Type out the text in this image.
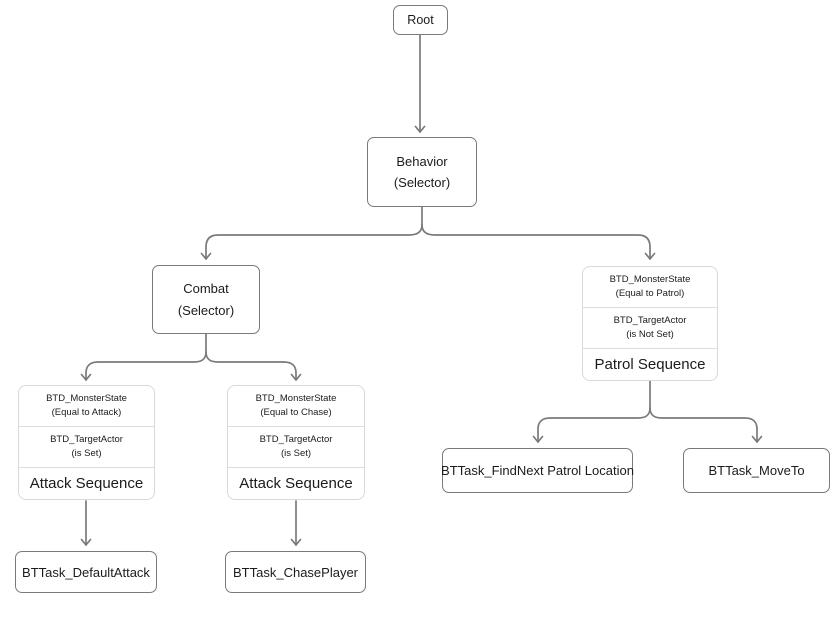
Root
Behavior
(Selector)
Combat
(Selector)
BTD_MonsterState
(Equal to Patrol)
BTD_TargetActor
(is Not Set)
Patrol Sequence
BTD_MonsterState
(Equal to Attack)
BTD_TargetActor
(is Set)
Attack Sequence
BTD_MonsterState
(Equal to Chase)
BTD_TargetActor
(is Set)
Attack Sequence
BTTask_DefaultAttack	BTTask_ChasePlayer
BTTask_FindNext Patrol Location	BTTask_MoveTo
